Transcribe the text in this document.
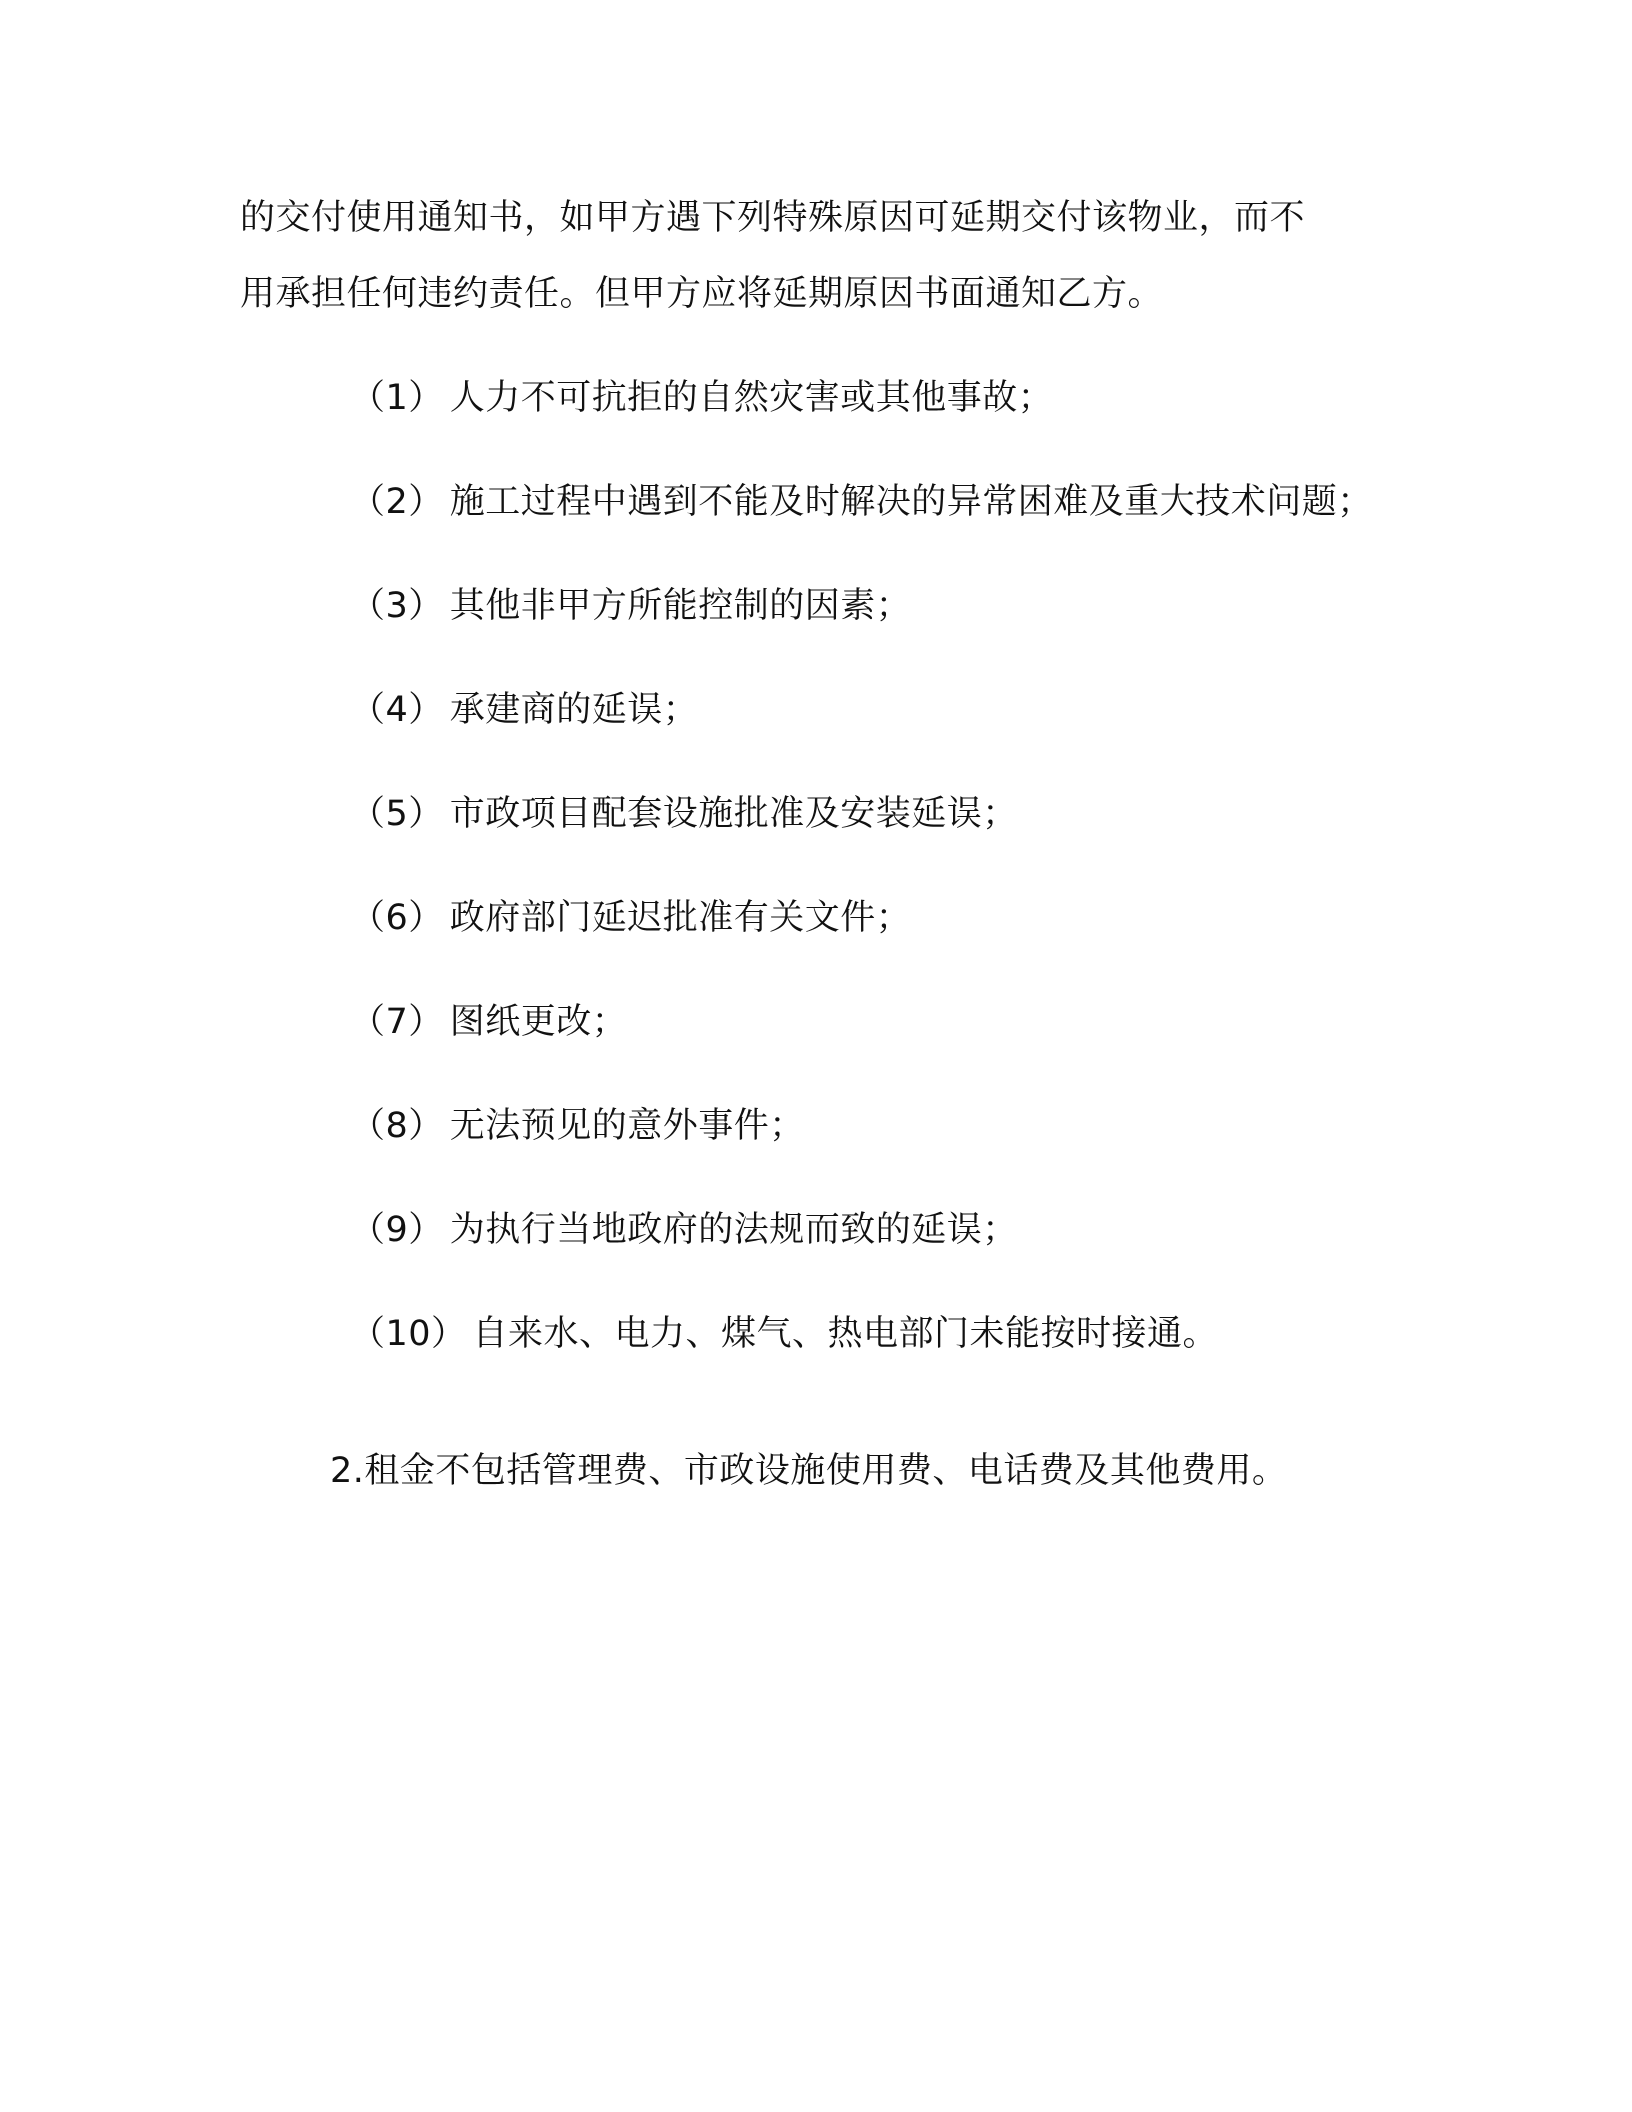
的交付使用通知书，如甲方遇下列特殊原因可延期交付该物业，而不

用承担任何违约责任。但甲方应将延期原因书面通知乙方。

（1） 人力不可抗拒的自然灾害或其他事故；
（2） 施工过程中遇到不能及时解决的异常困难及重大技术问题；
（3） 其他非甲方所能控制的因素；
（4） 承建商的延误；
（5） 市政项目配套设施批准及安装延误；
（6） 政府部门延迟批准有关文件；
（7） 图纸更改；
（8） 无法预见的意外事件；
（9） 为执行当地政府的法规而致的延误；
（10） 自来水、电力、煤气、热电部门未能按时接通。

2.租金不包括管理费、市政设施使用费、电话费及其他费用。
